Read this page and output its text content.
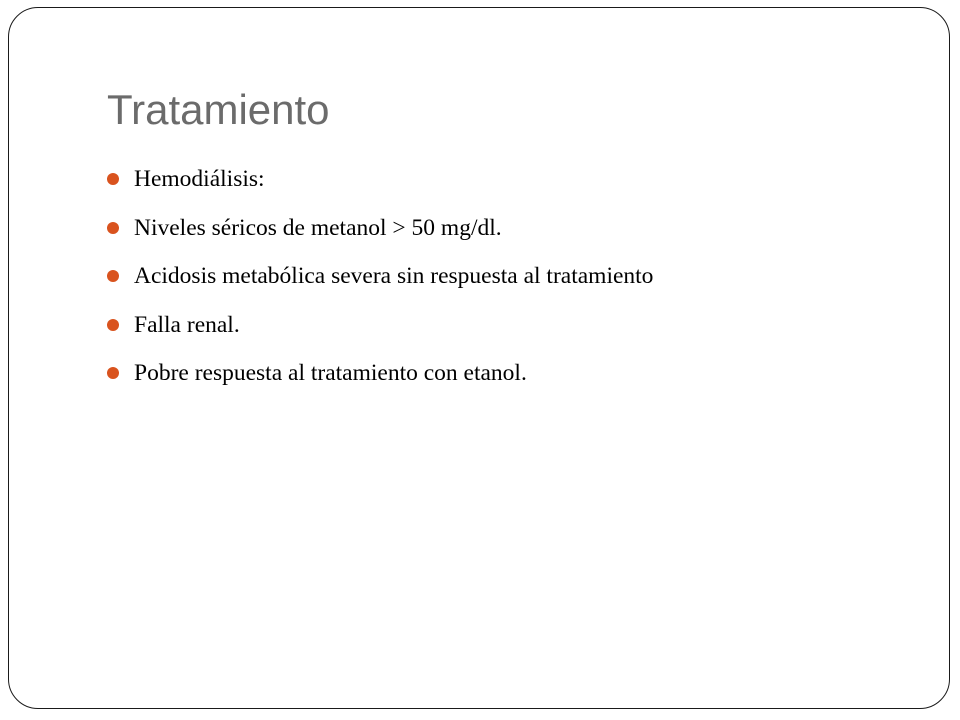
Tratamiento
Hemodiálisis:
Niveles séricos de metanol > 50 mg/dl.
Acidosis metabólica severa sin respuesta al tratamiento
Falla renal.
Pobre respuesta al tratamiento con etanol.
